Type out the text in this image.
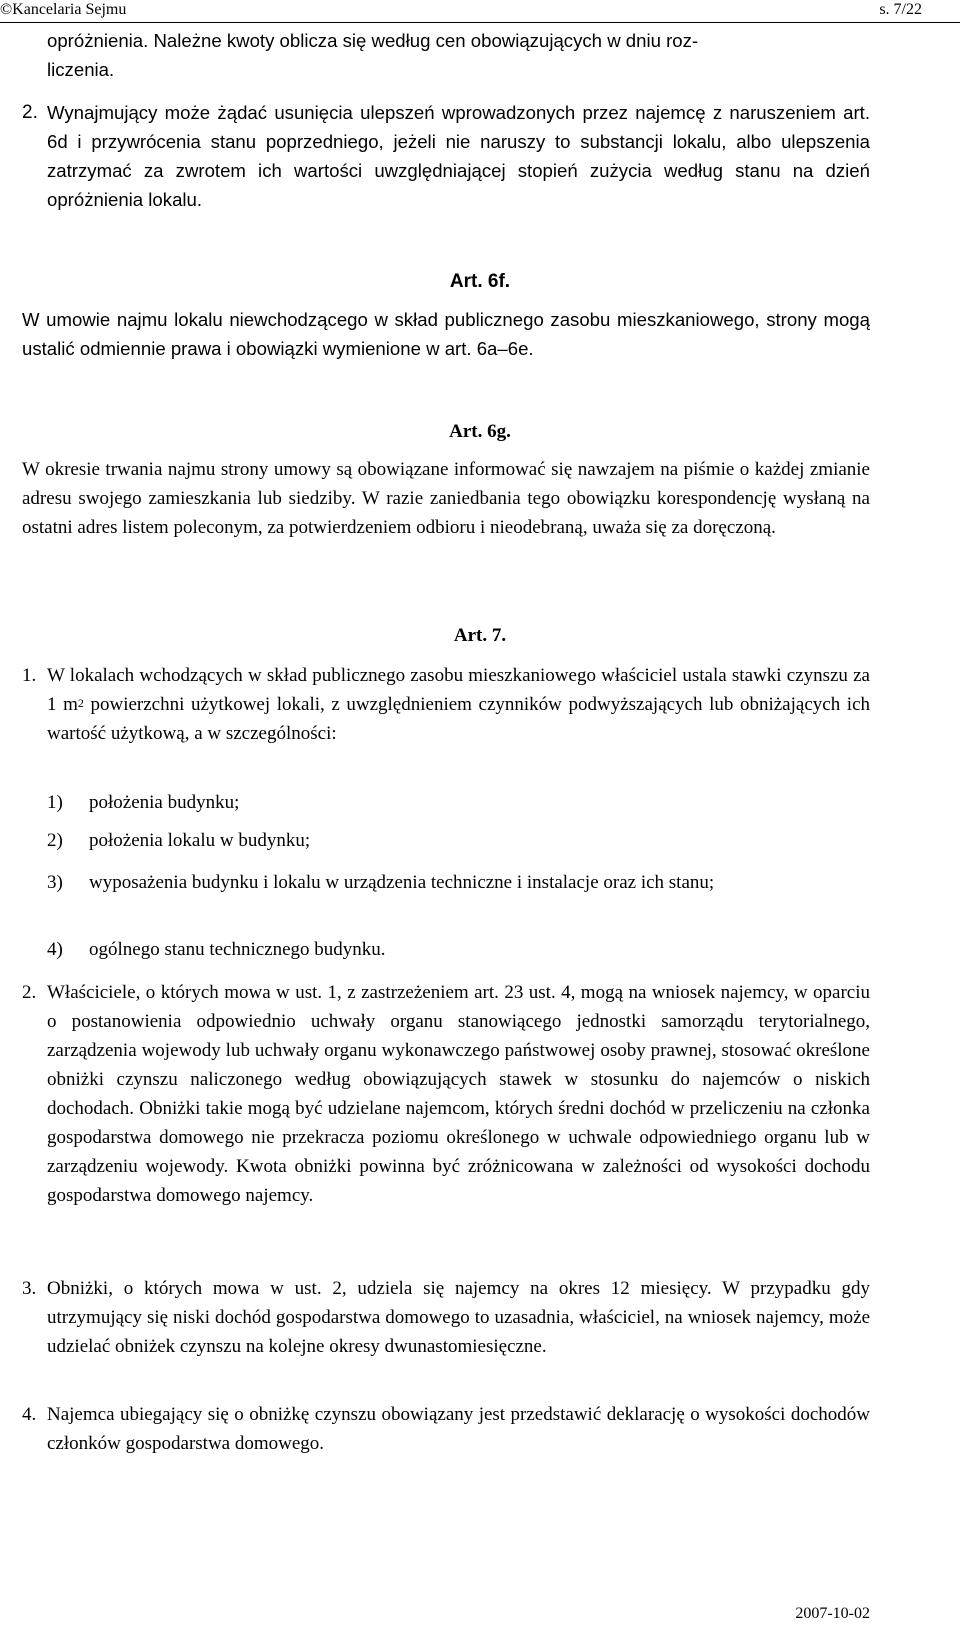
©Kancelaria Sejmu	s. 7/22
opróżnienia. Należne kwoty oblicza się według cen obowiązujących w dniu roz-
liczenia.
2. Wynajmujący może żądać usunięcia ulepszeń wprowadzonych przez najemcę z naruszeniem art. 6d i przywrócenia stanu poprzedniego, jeżeli nie naruszy to substancji lokalu, albo ulepszenia zatrzymać za zwrotem ich wartości uwzględniającej stopień zużycia według stanu na dzień opróżnienia lokalu.
Art. 6f.
W umowie najmu lokalu niewchodzącego w skład publicznego zasobu mieszkaniowego, strony mogą ustalić odmiennie prawa i obowiązki wymienione w art. 6a–6e.
Art. 6g.
W okresie trwania najmu strony umowy są obowiązane informować się nawzajem na piśmie o każdej zmianie adresu swojego zamieszkania lub siedziby. W razie zaniedbania tego obowiązku korespondencję wysłaną na ostatni adres listem poleconym, za potwierdzeniem odbioru i nieodebraną, uważa się za doręczoną.
Art. 7.
1. W lokalach wchodzących w skład publicznego zasobu mieszkaniowego właściciel ustala stawki czynszu za 1 $m^2$ powierzchni użytkowej lokali, z uwzględnieniem czynników podwyższających lub obniżających ich wartość użytkową, a w szczególności:
1) położenia budynku;
2) położenia lokalu w budynku;
3) wyposażenia budynku i lokalu w urządzenia techniczne i instalacje oraz ich stanu;
4) ogólnego stanu technicznego budynku.
2. Właściciele, o których mowa w ust. 1, z zastrzeżeniem art. 23 ust. 4, mogą na wniosek najemcy, w oparciu o postanowienia odpowiednio uchwały organu stanowiącego jednostki samorządu terytorialnego, zarządzenia wojewody lub uchwały organu wykonawczego państwowej osoby prawnej, stosować określone obniżki czynszu naliczonego według obowiązujących stawek w stosunku do najemców o niskich dochodach. Obniżki takie mogą być udzielane najemcom, których średni dochód w przeliczeniu na członka gospodarstwa domowego nie przekracza poziomu określonego w uchwale odpowiedniego organu lub w zarządzeniu wojewody. Kwota obniżki powinna być zróżnicowana w zależności od wysokości dochodu gospodarstwa domowego najemcy.
3. Obniżki, o których mowa w ust. 2, udziela się najemcy na okres 12 miesięcy. W przypadku gdy utrzymujący się niski dochód gospodarstwa domowego to uzasadnia, właściciel, na wniosek najemcy, może udzielać obniżek czynszu na kolejne okresy dwunastomiesięczne.
4. Najemca ubiegający się o obniżkę czynszu obowiązany jest przedstawić deklarację o wysokości dochodów członków gospodarstwa domowego.
2007-10-02
